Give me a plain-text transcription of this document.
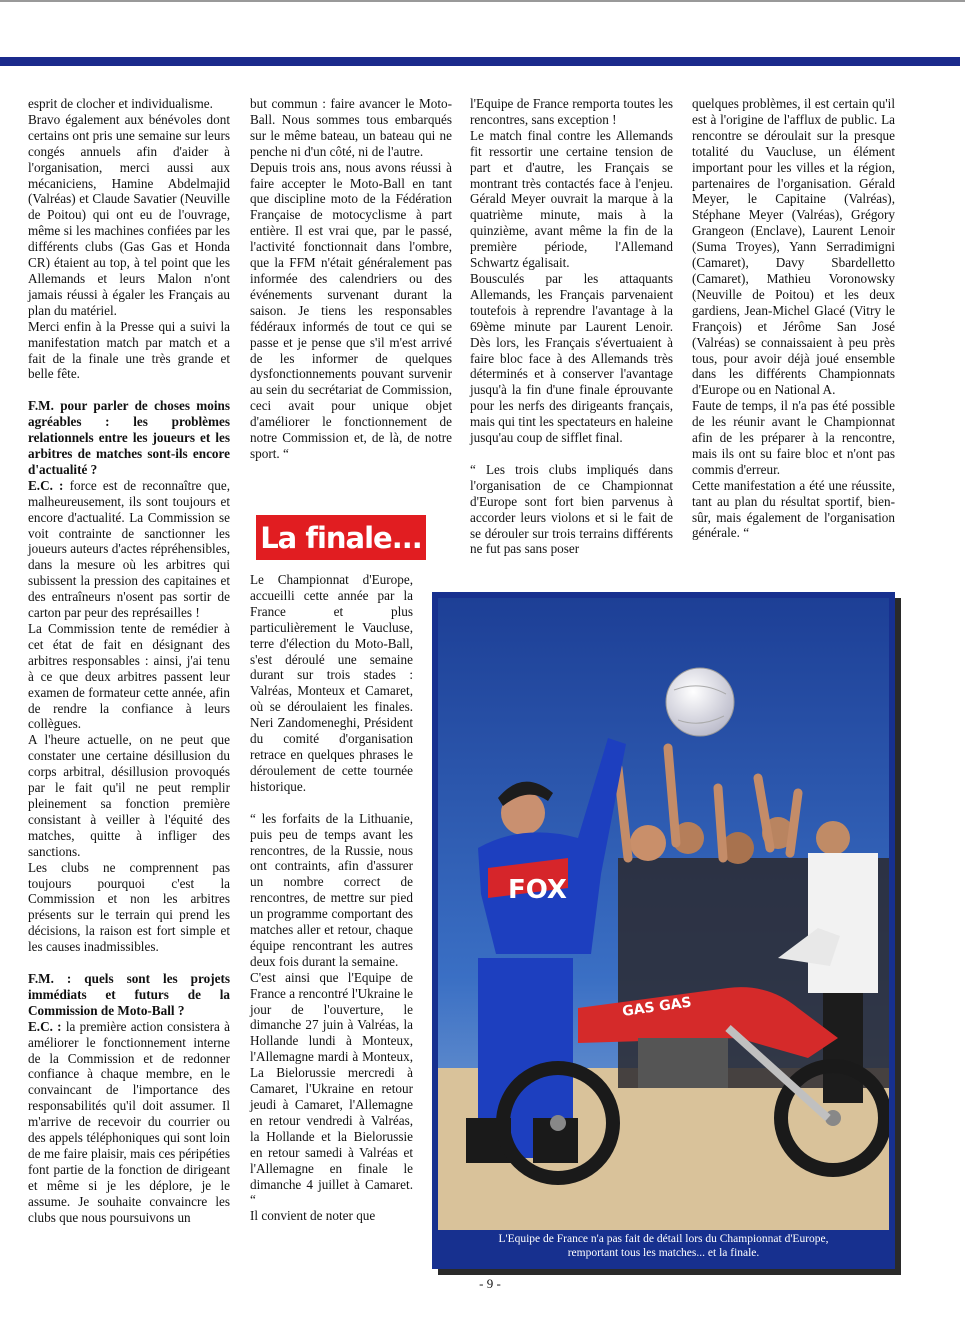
esprit de clocher et individualisme.

Bravo également aux bénévoles dont certains ont pris une semaine sur leurs congés annuels afin d'aider à l'organisation, merci aussi aux mécaniciens, Hamine Abdelmajid (Valréas) et Claude Savatier (Neuville de Poitou) qui ont eu de l'ouvrage, même si les machines confiées par les différents clubs (Gas Gas et Honda CR) étaient au top, à tel point que les Allemands et leurs Malon n'ont jamais réussi à égaler les Français au plan du matériel.

Merci enfin à la Presse qui a suivi la manifestation match par match et a fait de la finale une très grande et belle fête.

F.M. pour parler de choses moins agréables : les problèmes relationnels entre les joueurs et les arbitres de matches sont-ils encore d'actualité ?

E.C. : force est de reconnaître que, malheureusement, ils sont toujours et encore d'actualité. La Commission se voit contrainte de sanctionner les joueurs auteurs d'actes répréhensibles, dans la mesure où les arbitres qui subissent la pression des capitaines et des entraîneurs n'osent pas sortir de carton par peur des représailles !

La Commission tente de remédier à cet état de fait en désignant des arbitres responsables : ainsi, j'ai tenu à ce que deux arbitres passent leur examen de formateur cette année, afin de rendre la confiance à leurs collègues.

A l'heure actuelle, on ne peut que constater une certaine désillusion du corps arbitral, désillusion provoqués par le fait qu'il ne peut remplir pleinement sa fonction première consistant à veiller à l'équité des matches, quitte à infliger des sanctions.

Les clubs ne comprennent pas toujours pourquoi c'est la Commission et non les arbitres présents sur le terrain qui prend les décisions, la raison est fort simple et les causes inadmissibles.

F.M. : quels sont les projets immédiats et futurs de la Commission de Moto-Ball ?

E.C. : la première action consistera à améliorer le fonctionnement interne de la Commission et de redonner confiance à chaque membre, en le convaincant de l'importance des responsabilités qu'il doit assumer. Il m'arrive de recevoir du courrier ou des appels téléphoniques qui sont loin de me faire plaisir, mais ces péripéties font partie de la fonction de dirigeant et même si je les déplore, je le assume. Je souhaite convaincre les clubs que nous poursuivons un

but commun : faire avancer le Moto-Ball. Nous sommes tous embarqués sur le même bateau, un bateau qui ne penche ni d'un côté, ni de l'autre.

Depuis trois ans, nous avons réussi à faire accepter le Moto-Ball en tant que discipline moto de la Fédération Française de motocyclisme à part entière. Il est vrai que, par le passé, l'activité fonctionnait dans l'ombre, que la FFM n'était généralement pas informée des calendriers ou des événements survenant durant la saison. Je tiens les responsables fédéraux informés de tout ce qui se passe et je pense que s'il m'est arrivé de les informer de quelques dysfonctionnements pouvant survenir au sein du secrétariat de Commission, ceci avait pour unique objet d'améliorer le fonctionnement de notre Commission et, de là, de notre sport. “

La finale...

Le Championnat d'Europe, accueilli cette année par la France et plus particulièrement le Vaucluse, terre d'élection du Moto-Ball, s'est déroulé une semaine durant sur trois stades : Valréas, Monteux et Camaret, où se déroulaient les finales. Neri Zandomeneghi, Président du comité d'organisation retrace en quelques phrases le déroulement de cette tournée historique.

“ les forfaits de la Lithuanie, puis peu de temps avant les rencontres, de la Russie, nous ont contraints, afin d'assurer un nombre correct de rencontres, de mettre sur pied un programme comportant des matches aller et retour, chaque équipe rencontrant les autres deux fois durant la semaine.

C'est ainsi que l'Equipe de France a rencontré l'Ukraine le jour de l'ouverture, le dimanche 27 juin à Valréas, la Hollande lundi à Monteux, l'Allemagne mardi à Monteux, La Bielorussie mercredi à Camaret, l'Ukraine en retour jeudi à Camaret, l'Allemagne en retour vendredi à Valréas, la Hollande et la Bielorussie en retour samedi à Valréas et l'Allemagne en finale le dimanche 4 juillet à Camaret. “

Il convient de noter que

l'Equipe de France remporta toutes les rencontres, sans exception !

Le match final contre les Allemands fit ressortir une certaine tension de part et d'autre, les Français se montrant très contactés face à l'enjeu. Gérald Meyer ouvrait la marque à la quatrième minute, mais à la quinzième, avant même la fin de la première période, l'Allemand Schwartz égalisait.

Bousculés par les attaquants Allemands, les Français parvenaient toutefois à reprendre l'avantage à la 69ème minute par Laurent Lenoir. Dès lors, les Français s'évertuaient à faire bloc face à des Allemands très déterminés et à conserver l'avantage jusqu'à la fin d'une finale éprouvante pour les nerfs des dirigeants français, mais qui tint les spectateurs en haleine jusqu'au coup de sifflet final.

“ Les trois clubs impliqués dans l'organisation de ce Championnat d'Europe sont fort bien parvenus à accorder leurs violons et si le fait de se dérouler sur trois terrains différents ne fut pas sans poser

quelques problèmes, il est certain qu'il est à l'origine de l'afflux de public. La rencontre se déroulait sur la presque totalité du Vaucluse, un élément important pour les villes et la région, partenaires de l'organisation. Gérald Meyer, le Capitaine (Valréas), Stéphane Meyer (Valréas), Grégory Grangeon (Enclave), Laurent Lenoir (Suma Troyes), Yann Serradimigni (Camaret), Davy Sbardelletto (Camaret), Mathieu Voronowsky (Neuville de Poitou) et les deux gardiens, Jean-Michel Glacé (Vitry le François) et Jérôme San José (Valréas) se connaissaient à peu près tous, pour avoir déjà joué ensemble dans les différents Championnats d'Europe ou en National A.

Faute de temps, il n'a pas été possible de les réunir avant le Championnat afin de les préparer à la rencontre, mais ils ont su faire bloc et n'ont pas commis d'erreur.

Cette manifestation a été une réussite, tant au plan du résultat sportif, bien-sûr, mais également de l'organisation générale. “

FOX
GAS GAS
L'Equipe de France n'a pas fait de détail lors du Championnat d'Europe,
remportant tous les matches... et la finale.
- 9 -
